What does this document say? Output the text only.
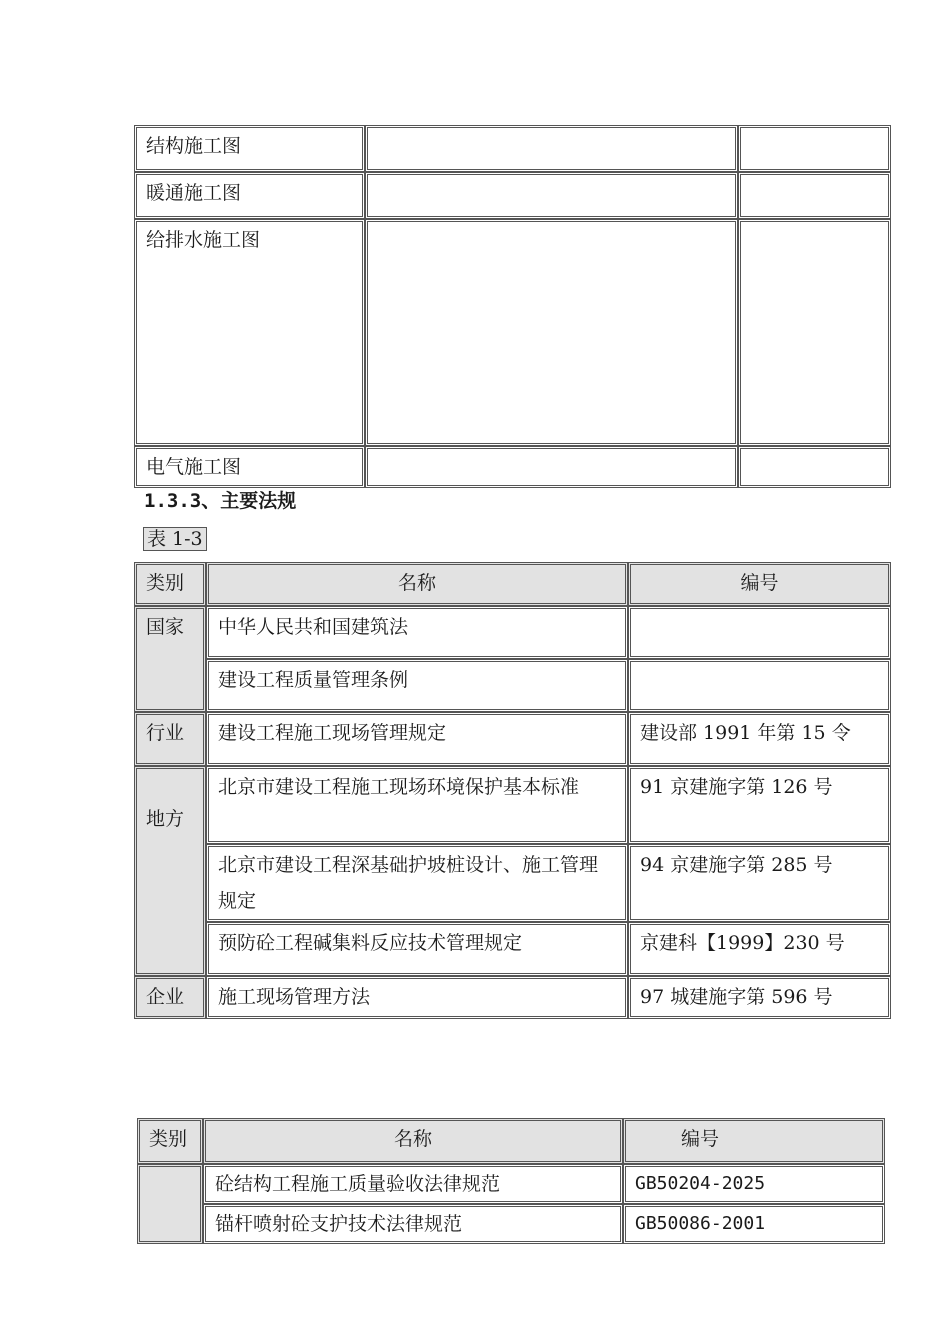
结构施工图		
暖通施工图		
给排水施工图		
电气施工图		
1.3.3、主要法规
表 1-3
类别	名称	编号
国家	中华人民共和国建筑法	
	建设工程质量管理条例	
行业	建设工程施工现场管理规定	建设部 1991 年第 15 令
地方	北京市建设工程施工现场环境保护基本标准	91 京建施字第 126 号
	北京市建设工程深基础护坡桩设计、施工管理规定	94 京建施字第 285 号
	预防砼工程碱集料反应技术管理规定	京建科【1999】230 号
企业	施工现场管理方法	97 城建施字第 596 号
类别	名称	编号
	砼结构工程施工质量验收法律规范	GB50204-2025
	锚杆喷射砼支护技术法律规范	GB50086-2001
